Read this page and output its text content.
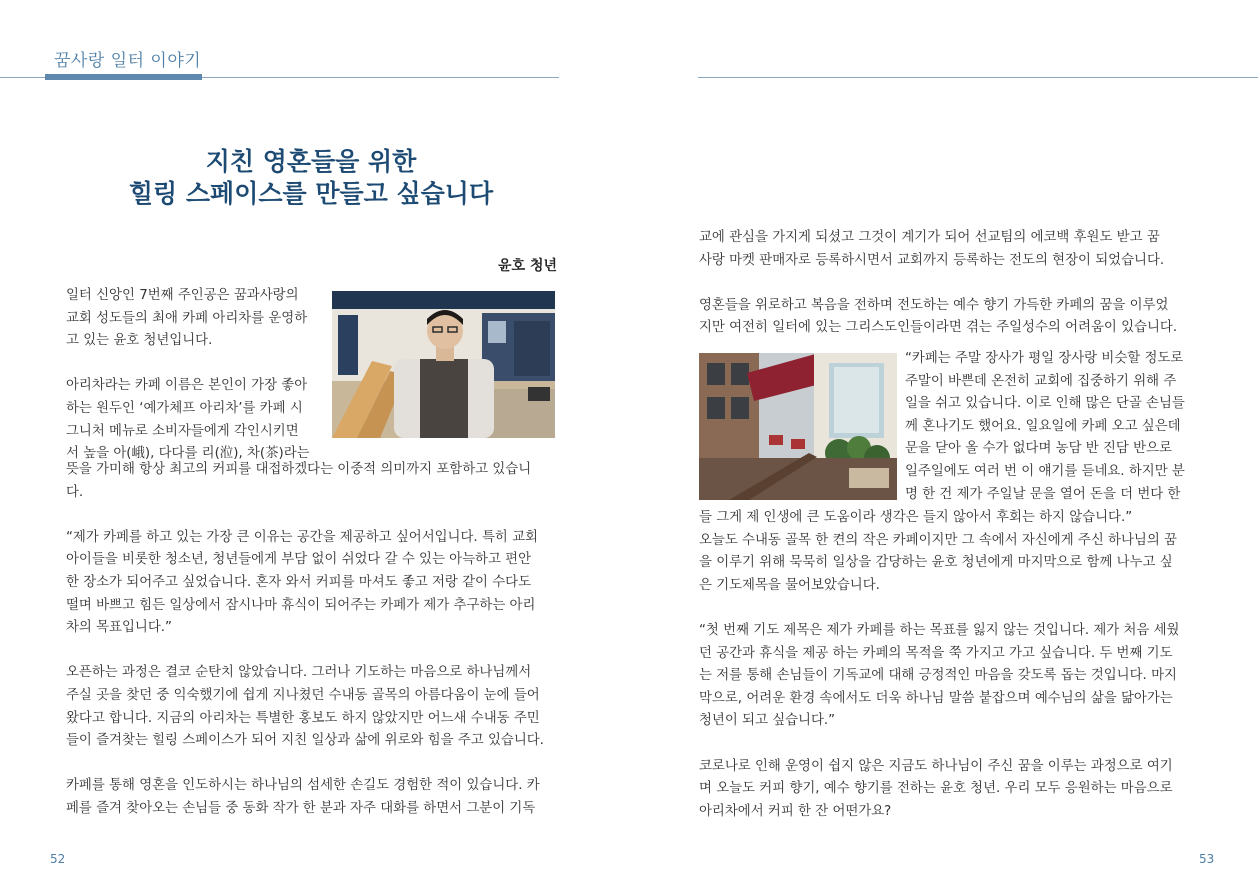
꿈사랑 일터 이야기
지친 영혼들을 위한
힐링 스페이스를 만들고 싶습니다
윤호 청년
일터 신앙인 7번째 주인공은 꿈과사랑의
교회 성도들의 최애 카페 아리차를 운영하
고 있는 윤호 청년입니다.

아리차라는 카페 이름은 본인이 가장 좋아
하는 원두인 ‘예가체프 아리차’를 카페 시
그니처 메뉴로 소비자들에게 각인시키면
서 높을 아(峨), 다다를 리(涖), 차(茶)라는
뜻을 가미해 항상 최고의 커피를 대접하겠다는 이중적 의미까지 포함하고 있습니
다.

“제가 카페를 하고 있는 가장 큰 이유는 공간을 제공하고 싶어서입니다. 특히 교회
아이들을 비롯한 청소년, 청년들에게 부담 없이 쉬었다 갈 수 있는 아늑하고 편안
한 장소가 되어주고 싶었습니다. 혼자 와서 커피를 마셔도 좋고 저랑 같이 수다도
떨며 바쁘고 힘든 일상에서 잠시나마 휴식이 되어주는 카페가 제가 추구하는 아리
차의 목표입니다.”

오픈하는 과정은 결코 순탄치 않았습니다. 그러나 기도하는 마음으로 하나님께서
주실 곳을 찾던 중 익숙했기에 쉽게 지나쳤던 수내동 골목의 아름다움이 눈에 들어
왔다고 합니다. 지금의 아리차는 특별한 홍보도 하지 않았지만 어느새 수내동 주민
들이 즐겨찾는 힐링 스페이스가 되어 지친 일상과 삶에 위로와 힘을 주고 있습니다.

카페를 통해 영혼을 인도하시는 하나님의 섬세한 손길도 경험한 적이 있습니다. 카
페를 즐겨 찾아오는 손님들 중 동화 작가 한 분과 자주 대화를 하면서 그분이 기독
교에 관심을 가지게 되셨고 그것이 계기가 되어 선교팀의 에코백 후원도 받고 꿈
사랑 마켓 판매자로 등록하시면서 교회까지 등록하는 전도의 현장이 되었습니다.

영혼들을 위로하고 복음을 전하며 전도하는 예수 향기 가득한 카페의 꿈을 이루었
지만 여전히 일터에 있는 그리스도인들이라면 겪는 주일성수의 어려움이 있습니다.
“카페는 주말 장사가 평일 장사랑 비슷할 정도로
주말이 바쁜데 온전히 교회에 집중하기 위해 주
일을 쉬고 있습니다. 이로 인해 많은 단골 손님들
께 혼나기도 했어요. 일요일에 카페 오고 싶은데
문을 닫아 올 수가 없다며 농담 반 진담 반으로
일주일에도 여러 번 이 얘기를 듣네요. 하지만 분
명 한 건 제가 주일날 문을 열어 돈을 더 번다 한
들 그게 제 인생에 큰 도움이라 생각은 들지 않아서 후회는 하지 않습니다.”
오늘도 수내동 골목 한 켠의 작은 카페이지만 그 속에서 자신에게 주신 하나님의 꿈
을 이루기 위해 묵묵히 일상을 감당하는 윤호 청년에게 마지막으로 함께 나누고 싶
은 기도제목을 물어보았습니다.

“첫 번째 기도 제목은 제가 카페를 하는 목표를 잃지 않는 것입니다. 제가 처음 세웠
던 공간과 휴식을 제공 하는 카페의 목적을 쭉 가지고 가고 싶습니다. 두 번째 기도
는 저를 통해 손님들이 기독교에 대해 긍정적인 마음을 갖도록 돕는 것입니다. 마지
막으로, 어려운 환경 속에서도 더욱 하나님 말씀 붙잡으며 예수님의 삶을 닮아가는
청년이 되고 싶습니다.”

코로나로 인해 운영이 쉽지 않은 지금도 하나님이 주신 꿈을 이루는 과정으로 여기
며 오늘도 커피 향기, 예수 향기를 전하는 윤호 청년. 우리 모두 응원하는 마음으로
아리차에서 커피 한 잔 어떤가요?
52	53
